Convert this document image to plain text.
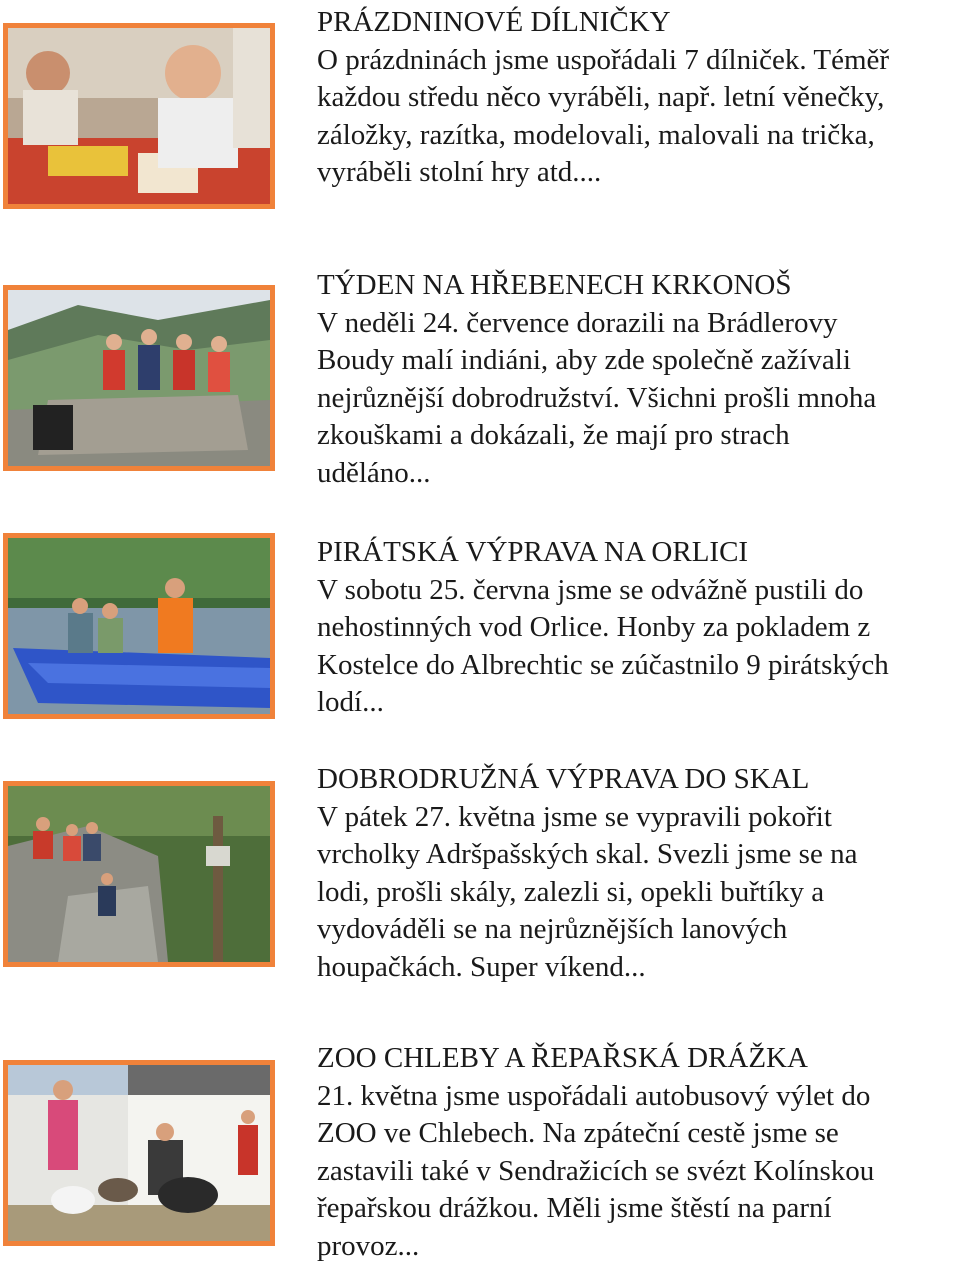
PRÁZDNINOVÉ DÍLNIČKY
O prázdninách jsme uspořádali 7 dílniček. Téměř
každou středu něco vyráběli, např. letní věnečky,
záložky, razítka, modelovali, malovali na trička,
vyráběli stolní hry atd....
TÝDEN NA HŘEBENECH KRKONOŠ
V neděli 24. července dorazili na Brádlerovy
Boudy malí indiáni, aby zde společně zažívali
nejrůznější dobrodružství. Všichni prošli mnoha
zkouškami a dokázali, že mají pro strach
uděláno...
PIRÁTSKÁ VÝPRAVA NA ORLICI
V sobotu 25. června jsme se odvážně pustili do
nehostinných vod Orlice. Honby za pokladem z
Kostelce do Albrechtic se zúčastnilo 9 pirátských
lodí...
DOBRODRUŽNÁ VÝPRAVA DO SKAL
V pátek 27. května jsme se vypravili pokořit
vrcholky Adršpašských skal. Svezli jsme se na
lodi, prošli skály, zalezli si, opekli buřtíky a
vydováděli se na nejrůznějších lanových
houpačkách. Super víkend...
ZOO CHLEBY A ŘEPAŘSKÁ DRÁŽKA
21. května jsme uspořádali autobusový výlet do
ZOO ve Chlebech. Na zpáteční cestě jsme se
zastavili také v Sendražicích se svézt Kolínskou
řepařskou drážkou. Měli jsme štěstí na parní
provoz...
